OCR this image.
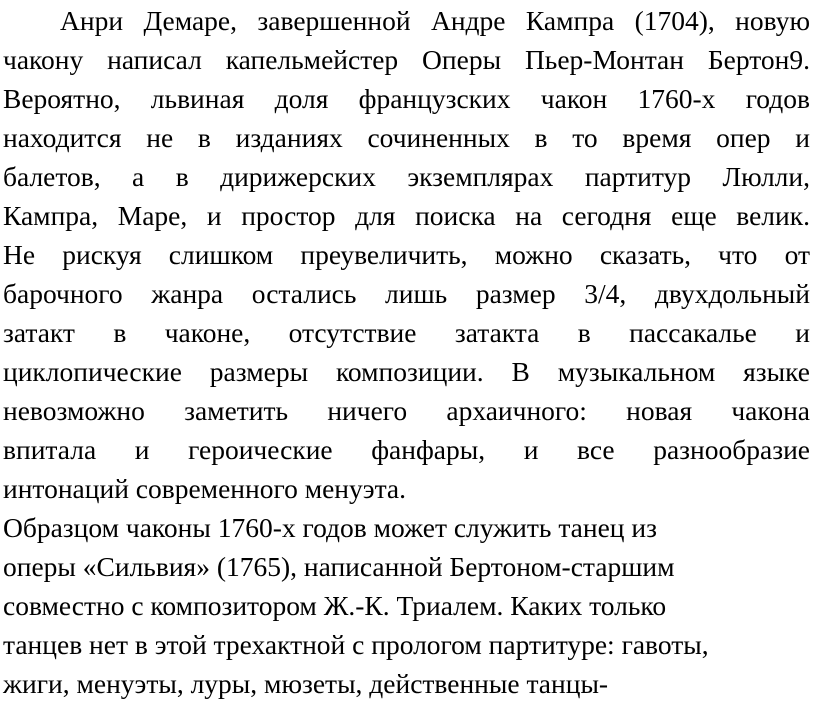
Анри Демаре, завершенной Андре Кампра (1704), новую
чакону написал капельмейстер Оперы Пьер-Монтан Бертон9.
Вероятно, львиная доля французских чакон 1760-х годов
находится не в изданиях сочиненных в то время опер и
балетов, а в дирижерских экземплярах партитур Люлли,
Кампра, Маре, и простор для поиска на сегодня еще велик.
Не рискуя слишком преувеличить, можно сказать, что от
барочного жанра остались лишь размер 3/4, двухдольный
затакт в чаконе, отсутствие затакта в пассакалье и
циклопические размеры композиции. В музыкальном языке
невозможно заметить ничего архаичного: новая чакона
впитала и героические фанфары, и все разнообразие
интонаций современного менуэта.
Образцом чаконы 1760-х годов может служить танец из
оперы «Сильвия» (1765), написанной Бертоном-старшим
совместно с композитором Ж.-К. Триалем. Каких только
танцев нет в этой трехактной с прологом партитуре: гавоты,
жиги, менуэты, луры, мюзеты, действенные танцы-
